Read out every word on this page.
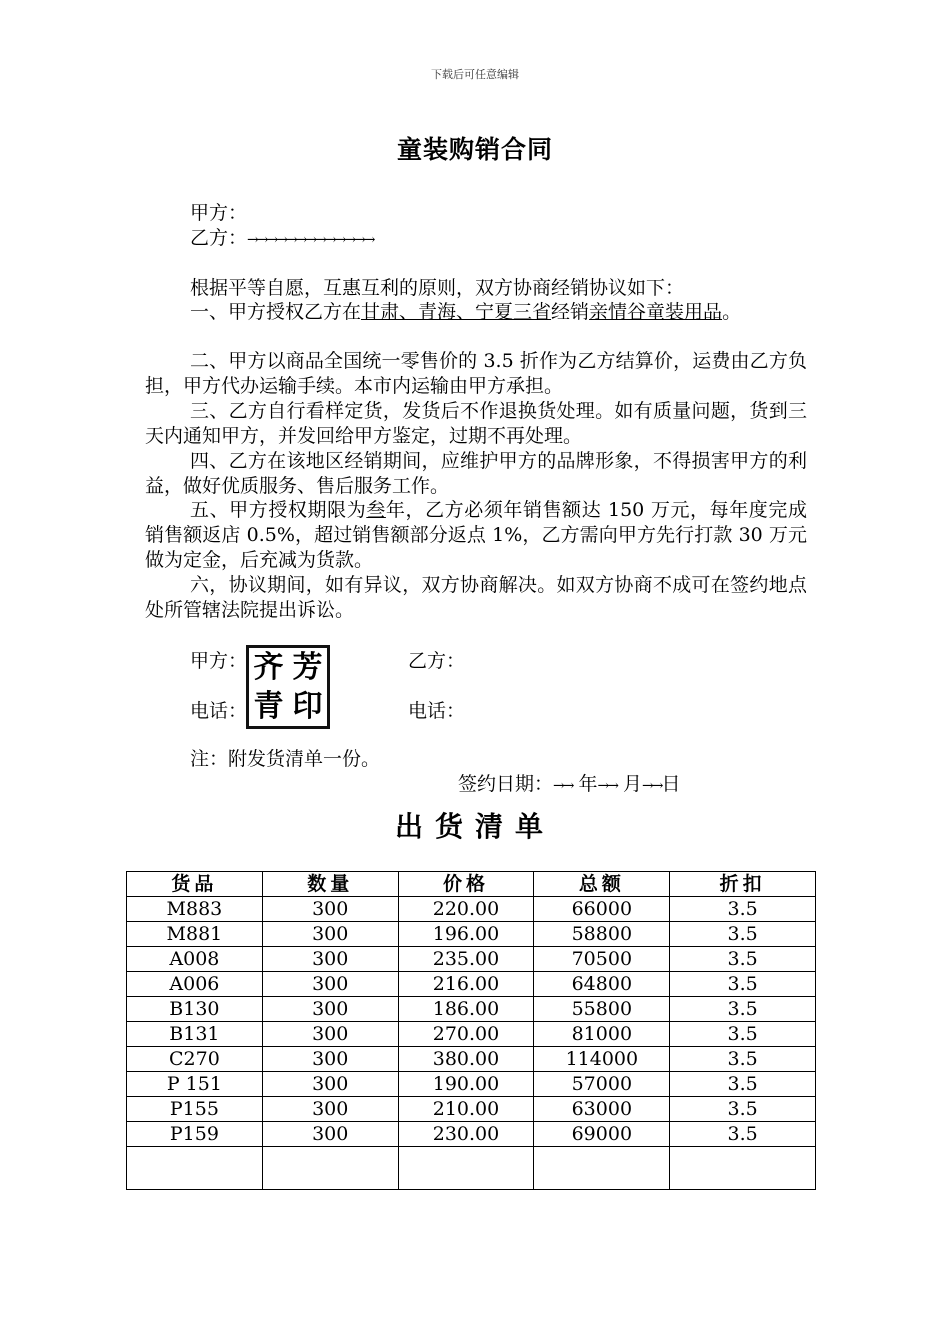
下载后可任意编辑
童装购销合同
甲方：
乙方：→→→→→→→→→→→→→
根据平等自愿，互惠互利的原则，双方协商经销协议如下：
一、甲方授权乙方在甘肃、青海、宁夏三省经销亲情谷童装用品。
二、甲方以商品全国统一零售价的 3.5 折作为乙方结算价，运费由乙方负担，甲方代办运输手续。本市内运输由甲方承担。
三、乙方自行看样定货，发货后不作退换货处理。如有质量问题，货到三天内通知甲方，并发回给甲方鉴定，过期不再处理。
四、乙方在该地区经销期间，应维护甲方的品牌形象，不得损害甲方的利益，做好优质服务、售后服务工作。
五、甲方授权期限为叁年，乙方必须年销售额达 150 万元，每年度完成销售额返店 0.5%，超过销售额部分返点 1%，乙方需向甲方先行打款 30 万元做为定金，后充减为货款。
六，协议期间，如有异议，双方协商解决。如双方协商不成可在签约地点处所管辖法院提出诉讼。
甲方：	乙方：
电话：	电话：
齐 芳
青 印
注：附发货清单一份。
签约日期：→→ 年→→ 月→→日
出货清单
货品	数量	价格	总额	折扣
M883	300	220.00	66000	3.5
M881	300	196.00	58800	3.5
A008	300	235.00	70500	3.5
A006	300	216.00	64800	3.5
B130	300	186.00	55800	3.5
B131	300	270.00	81000	3.5
C270	300	380.00	114000	3.5
P 151	300	190.00	57000	3.5
P155	300	210.00	63000	3.5
P159	300	230.00	69000	3.5
